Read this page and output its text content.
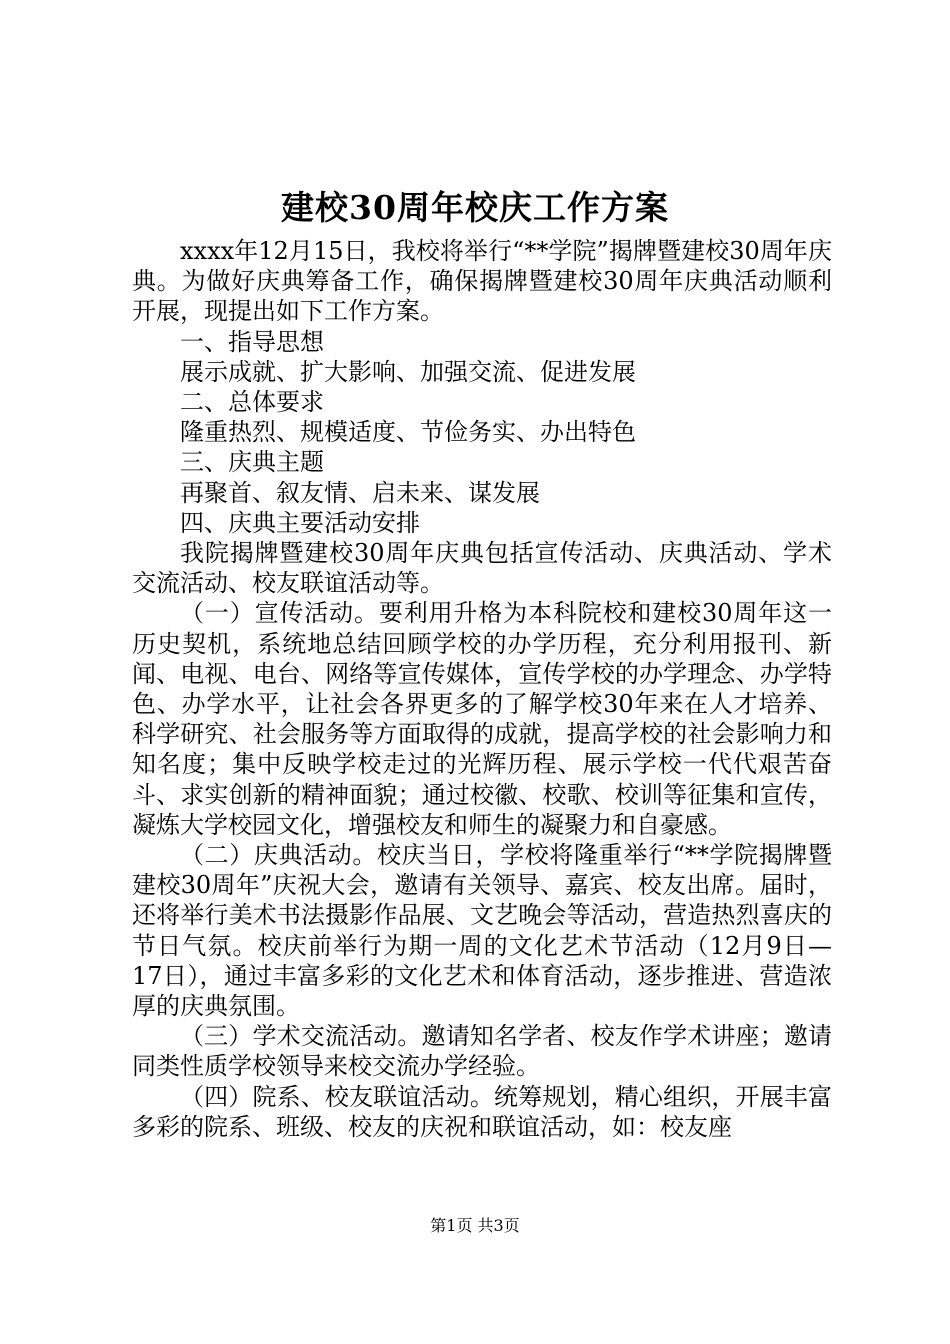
建校30周年校庆工作方案

xxxx年12月15日，我校将举行“**学院”揭牌暨建校30周年庆典。为做好庆典筹备工作，确保揭牌暨建校30周年庆典活动顺利开展，现提出如下工作方案。

一、指导思想

展示成就、扩大影响、加强交流、促进发展

二、总体要求

隆重热烈、规模适度、节俭务实、办出特色

三、庆典主题

再聚首、叙友情、启未来、谋发展

四、庆典主要活动安排

我院揭牌暨建校30周年庆典包括宣传活动、庆典活动、学术交流活动、校友联谊活动等。

（一）宣传活动。要利用升格为本科院校和建校30周年这一历史契机，系统地总结回顾学校的办学历程，充分利用报刊、新闻、电视、电台、网络等宣传媒体，宣传学校的办学理念、办学特色、办学水平，让社会各界更多的了解学校30年来在人才培养、科学研究、社会服务等方面取得的成就，提高学校的社会影响力和知名度；集中反映学校走过的光辉历程、展示学校一代代艰苦奋斗、求实创新的精神面貌；通过校徽、校歌、校训等征集和宣传，凝炼大学校园文化，增强校友和师生的凝聚力和自豪感。

（二）庆典活动。校庆当日，学校将隆重举行“**学院揭牌暨建校30周年”庆祝大会，邀请有关领导、嘉宾、校友出席。届时，还将举行美术书法摄影作品展、文艺晚会等活动，营造热烈喜庆的节日气氛。校庆前举行为期一周的文化艺术节活动（12月9日—17日），通过丰富多彩的文化艺术和体育活动，逐步推进、营造浓厚的庆典氛围。

（三）学术交流活动。邀请知名学者、校友作学术讲座；邀请同类性质学校领导来校交流办学经验。

（四）院系、校友联谊活动。统筹规划，精心组织，开展丰富多彩的院系、班级、校友的庆祝和联谊活动，如：校友座

第1页 共3页
